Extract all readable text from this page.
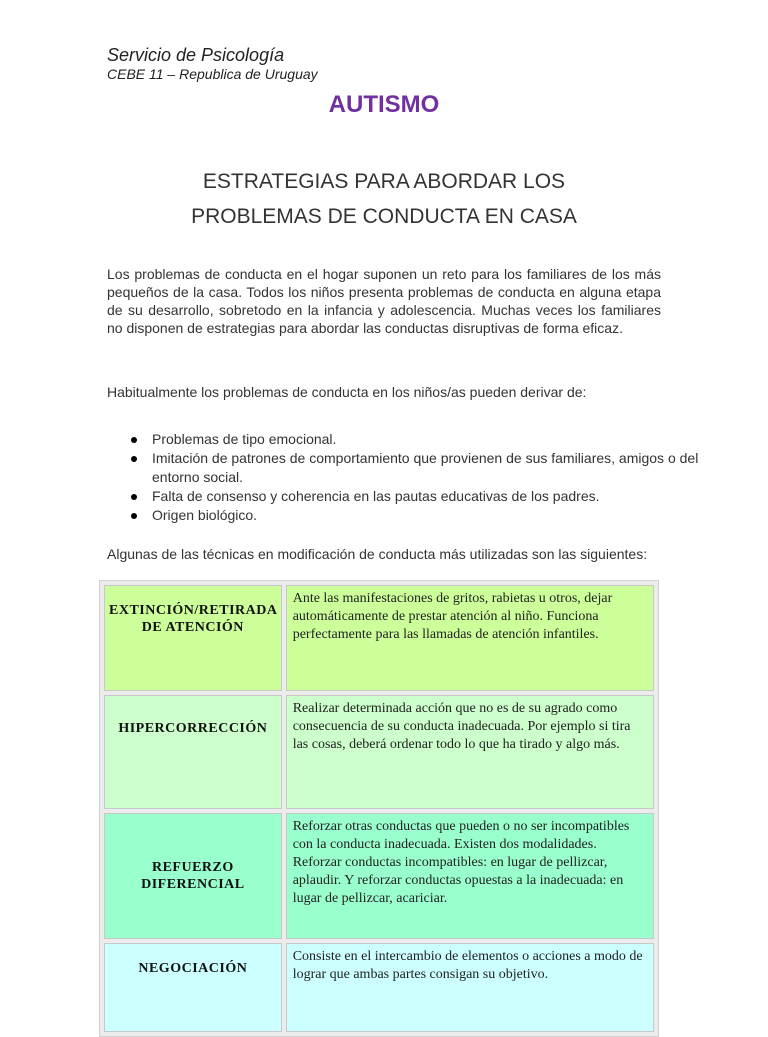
Servicio de Psicología
CEBE 11 – Republica de Uruguay
AUTISMO
ESTRATEGIAS PARA ABORDAR LOS
PROBLEMAS DE CONDUCTA EN CASA
Los problemas de conducta en el hogar suponen un reto para los familiares de los más pequeños de la casa. Todos los niños presenta problemas de conducta en alguna etapa de su desarrollo, sobretodo en la infancia y adolescencia. Muchas veces los familiares no disponen de estrategias para abordar las conductas disruptivas de forma eficaz.
Habitualmente los problemas de conducta en los niños/as pueden derivar de:
Problemas de tipo emocional.
Imitación de patrones de comportamiento que provienen de sus familiares, amigos o del entorno social.
Falta de consenso y coherencia en las pautas educativas de los padres.
Origen biológico.
Algunas de las técnicas en modificación de conducta más utilizadas son las siguientes:
EXTINCIÓN/RETIRADA DE ATENCIÓN	Ante las manifestaciones de gritos, rabietas u otros, dejar automáticamente de prestar atención al niño. Funciona perfectamente para las llamadas de atención infantiles.
HIPERCORRECCIÓN	Realizar determinada acción que no es de su agrado como consecuencia de su conducta inadecuada. Por ejemplo si tira las cosas, deberá ordenar todo lo que ha tirado y algo más.
REFUERZO DIFERENCIAL	Reforzar otras conductas que pueden o no ser incompatibles con la conducta inadecuada. Existen dos modalidades. Reforzar conductas incompatibles: en lugar de pellizcar, aplaudir. Y reforzar conductas opuestas a la inadecuada: en lugar de pellizcar, acariciar.
NEGOCIACIÓN	Consiste en el intercambio de elementos o acciones a modo de lograr que ambas partes consigan su objetivo.
